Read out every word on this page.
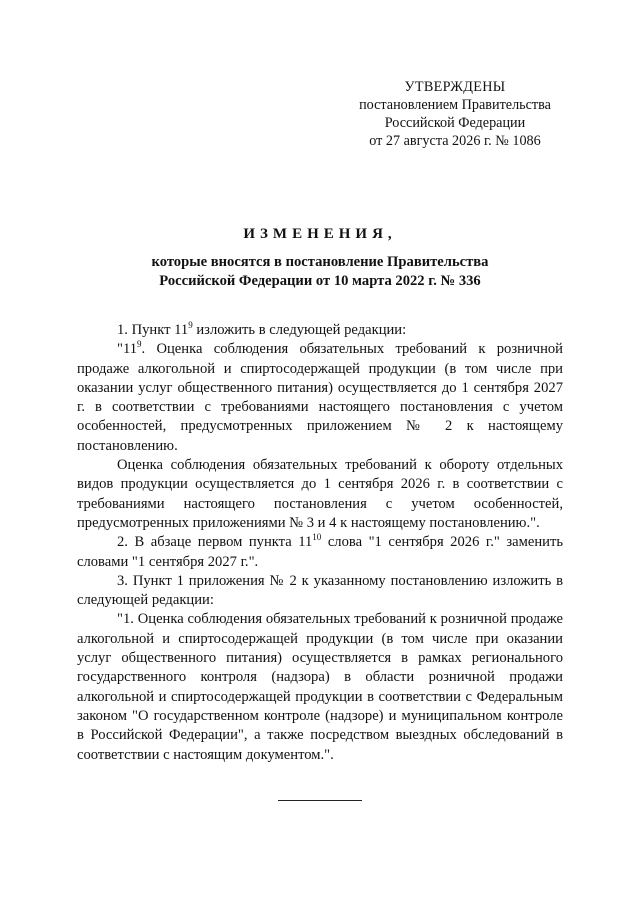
УТВЕРЖДЕНЫ
постановлением Правительства
Российской Федерации
от 27 августа 2026 г. № 1086
ИЗМЕНЕНИЯ,
которые вносятся в постановление Правительства
Российской Федерации от 10 марта 2022 г. № 336

1. Пункт $11^9$ изложить в следующей редакции:

"$11^9$. Оценка соблюдения обязательных требований к розничной продаже алкогольной и спиртосодержащей продукции (в том числе при оказании услуг общественного питания) осуществляется до 1 сентября 2027 г. в соответствии с требованиями настоящего постановления с учетом особенностей, предусмотренных приложением № 2 к настоящему постановлению.

Оценка соблюдения обязательных требований к обороту отдельных видов продукции осуществляется до 1 сентября 2026 г. в соответствии с требованиями настоящего постановления с учетом особенностей, предусмотренных приложениями № 3 и 4 к настоящему постановлению.".

2. В абзаце первом пункта $11^{10}$ слова "1 сентября 2026 г." заменить словами "1 сентября 2027 г.".

3. Пункт 1 приложения № 2 к указанному постановлению изложить в следующей редакции:

"1. Оценка соблюдения обязательных требований к розничной продаже алкогольной и спиртосодержащей продукции (в том числе при оказании услуг общественного питания) осуществляется в рамках регионального государственного контроля (надзора) в области розничной продажи алкогольной и спиртосодержащей продукции в соответствии с Федеральным законом "О государственном контроле (надзоре) и муниципальном контроле в Российской Федерации", а также посредством выездных обследований в соответствии с настоящим документом.".
